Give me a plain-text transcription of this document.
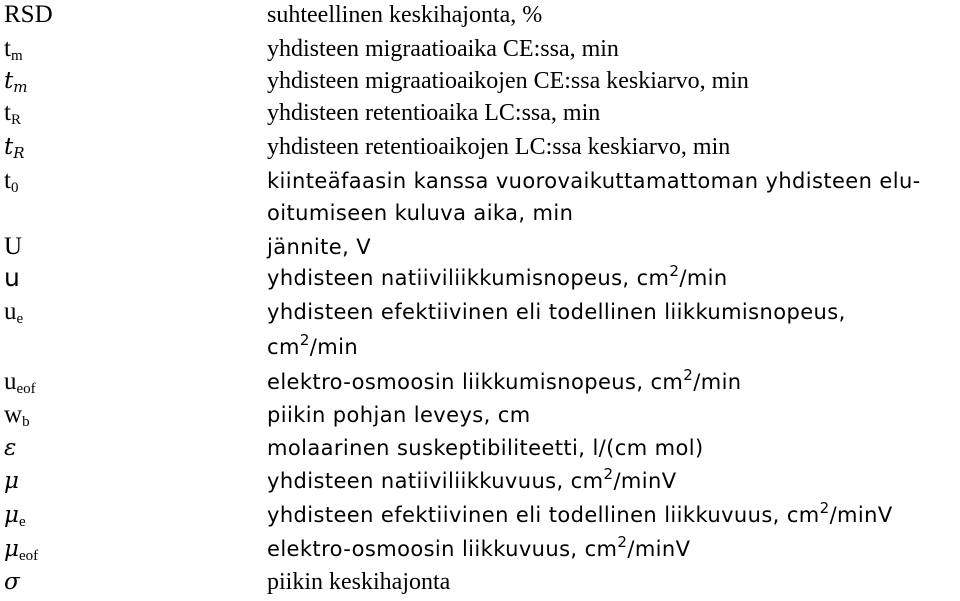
RSD	suhteellinen keskihajonta, %
$t_m$	yhdisteen migraatioaika CE:ssa, min
$t_m$	yhdisteen migraatioaikojen CE:ssa keskiarvo, min
$t_R$	yhdisteen retentioaika LC:ssa, min
$t_R$	yhdisteen retentioaikojen LC:ssa keskiarvo, min
$t_0$	kiinteäfaasin kanssa vuorovaikuttamattoman yhdisteen elu-
oitumiseen kuluva aika, min
U	jännite, V
u	yhdisteen natiiviliikkumisnopeus, $cm^2/\min$
$u_e$	yhdisteen efektiivinen eli todellinen liikkumisnopeus,
$cm^2/\min$
$u_{eof}$	elektro-osmoosin liikkumisnopeus, $cm^2/\min$
$w_b$	piikin pohjan leveys, cm
ε	molaarinen suskeptibiliteetti, l/(cm mol)
μ	yhdisteen natiiviliikkuvuus, $cm^2$/minV
$\mu_e$	yhdisteen efektiivinen eli todellinen liikkuvuus, $cm^2$/minV
$\mu_{eof}$	elektro-osmoosin liikkuvuus, $cm^2$/minV
σ	piikin keskihajonta
